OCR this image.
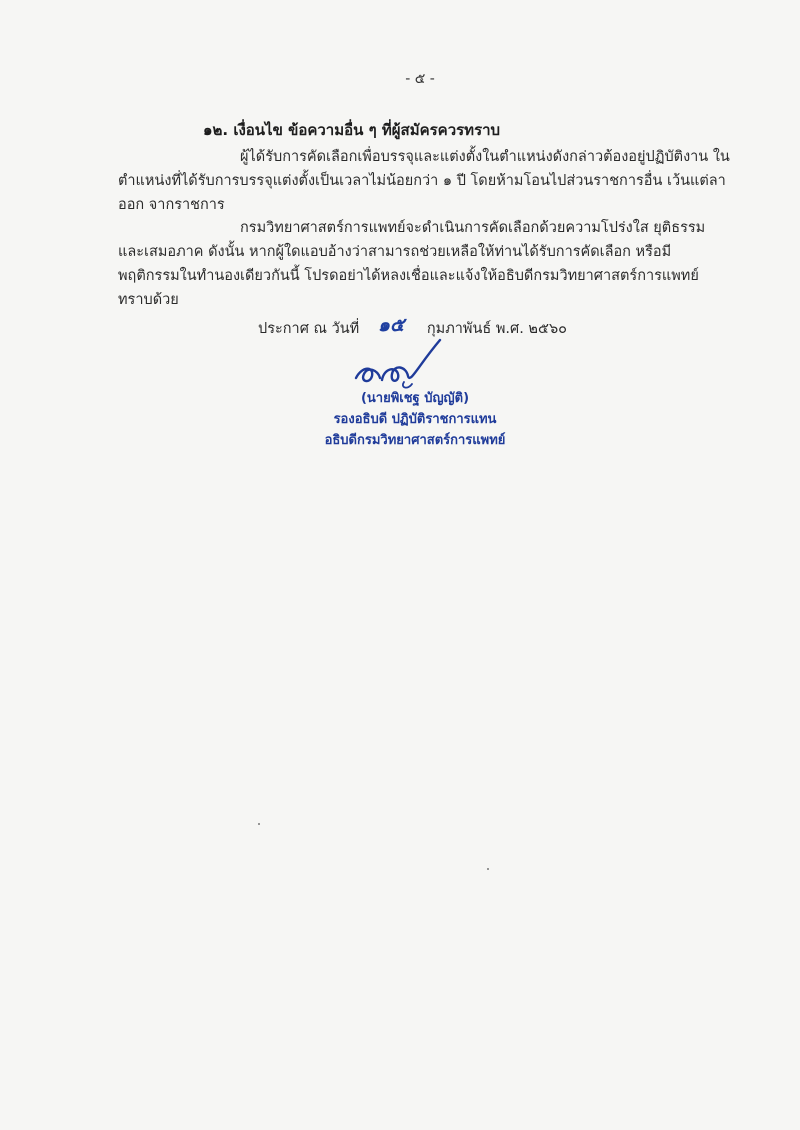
- ๕ -
๑๒. เงื่อนไข ข้อความอื่น ๆ ที่ผู้สมัครควรทราบ
ผู้ได้รับการคัดเลือกเพื่อบรรจุและแต่งตั้งในตำแหน่งดังกล่าวต้องอยู่ปฏิบัติงาน ในตำแหน่งที่ได้รับการบรรจุแต่งตั้งเป็นเวลาไม่น้อยกว่า ๑ ปี โดยห้ามโอนไปส่วนราชการอื่น เว้นแต่ลาออก จากราชการ
กรมวิทยาศาสตร์การแพทย์จะดำเนินการคัดเลือกด้วยความโปร่งใส ยุติธรรม และเสมอภาค ดังนั้น หากผู้ใดแอบอ้างว่าสามารถช่วยเหลือให้ท่านได้รับการคัดเลือก หรือมีพฤติกรรมในทำนองเดียวกันนี้ โปรดอย่าได้หลงเชื่อและแจ้งให้อธิบดีกรมวิทยาศาสตร์การแพทย์ทราบด้วย
ประกาศ ณ วันที่ ๑๕ กุมภาพันธ์ พ.ศ. ๒๕๖๐
(นายพิเชฐ บัญญัติ)
รองอธิบดี ปฏิบัติราชการแทน
อธิบดีกรมวิทยาศาสตร์การแพทย์
